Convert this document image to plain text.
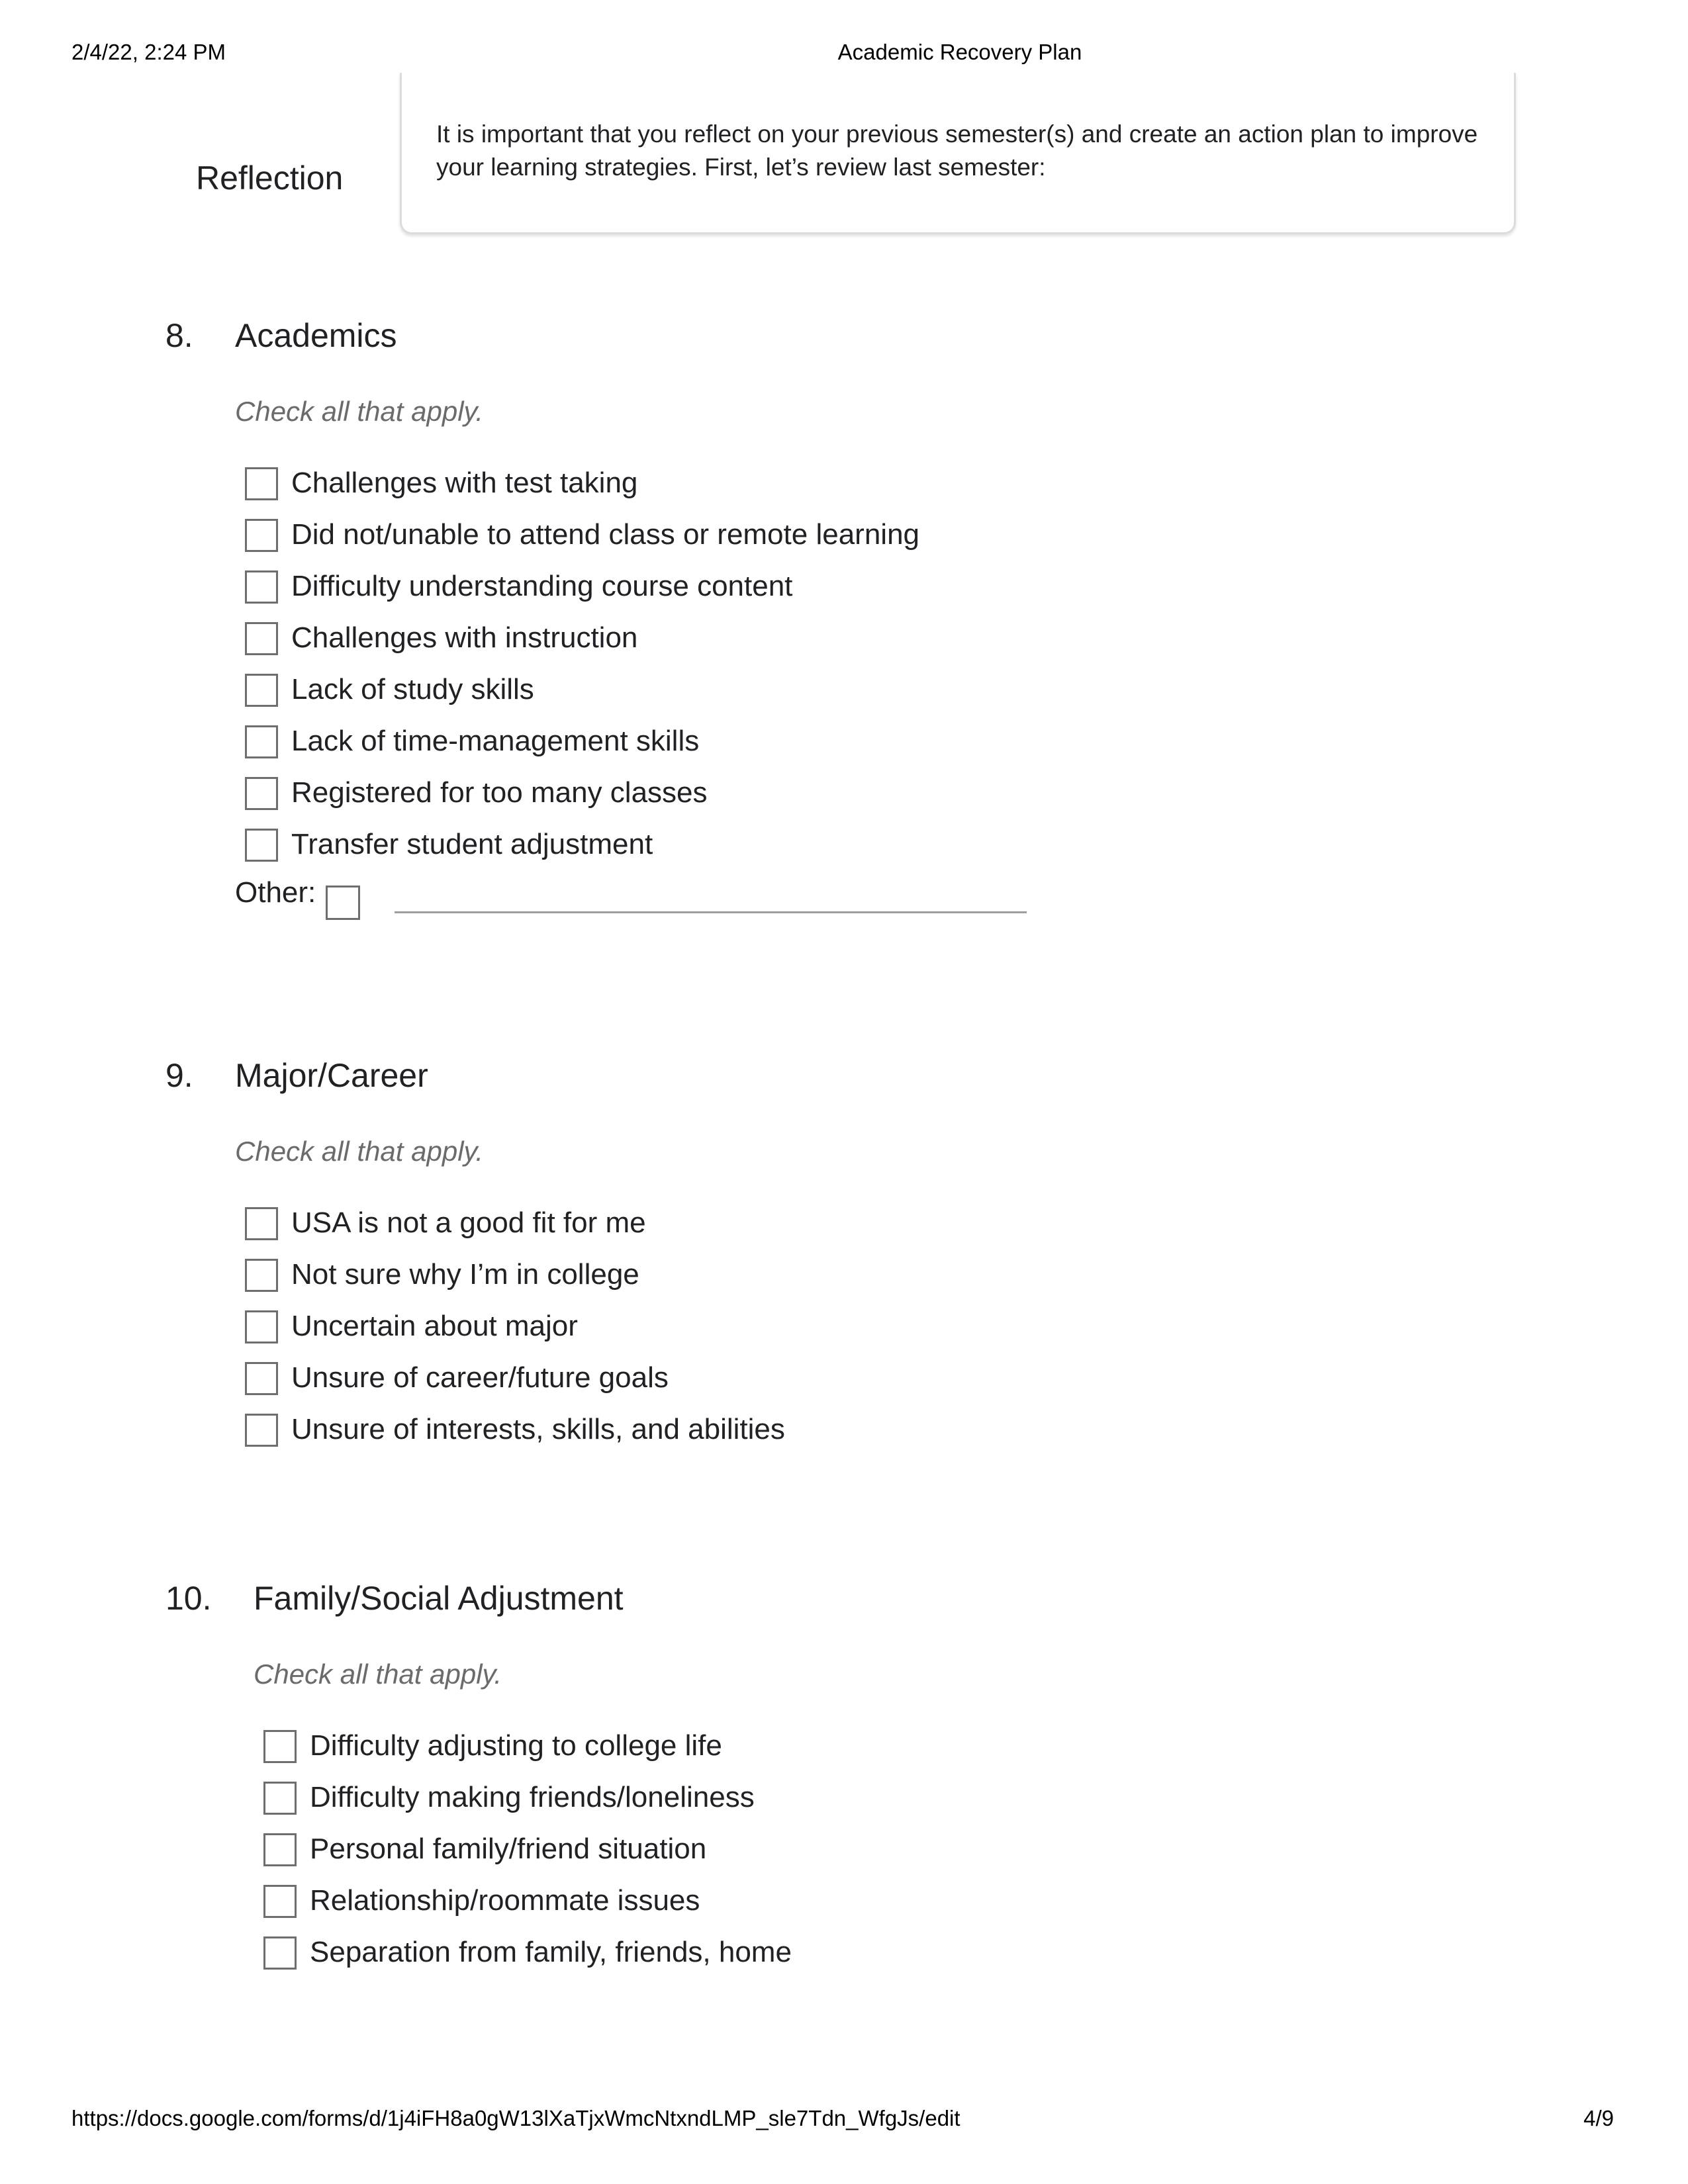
2/4/22, 2:24 PM	Academic Recovery Plan
Reflection
It is important that you reflect on your previous semester(s) and create an action plan to improve your learning strategies. First, let’s review last semester:
8. Academics
Check all that apply.
Challenges with test taking
Did not/unable to attend class or remote learning
Difficulty understanding course content
Challenges with instruction
Lack of study skills
Lack of time-management skills
Registered for too many classes
Transfer student adjustment
Other:
9. Major/Career
Check all that apply.
USA is not a good fit for me
Not sure why I’m in college
Uncertain about major
Unsure of career/future goals
Unsure of interests, skills, and abilities
10. Family/Social Adjustment
Check all that apply.
Difficulty adjusting to college life
Difficulty making friends/loneliness
Personal family/friend situation
Relationship/roommate issues
Separation from family, friends, home
https://docs.google.com/forms/d/1j4iFH8a0gW13lXaTjxWmcNtxndLMP_sle7Tdn_WfgJs/edit	4/9
